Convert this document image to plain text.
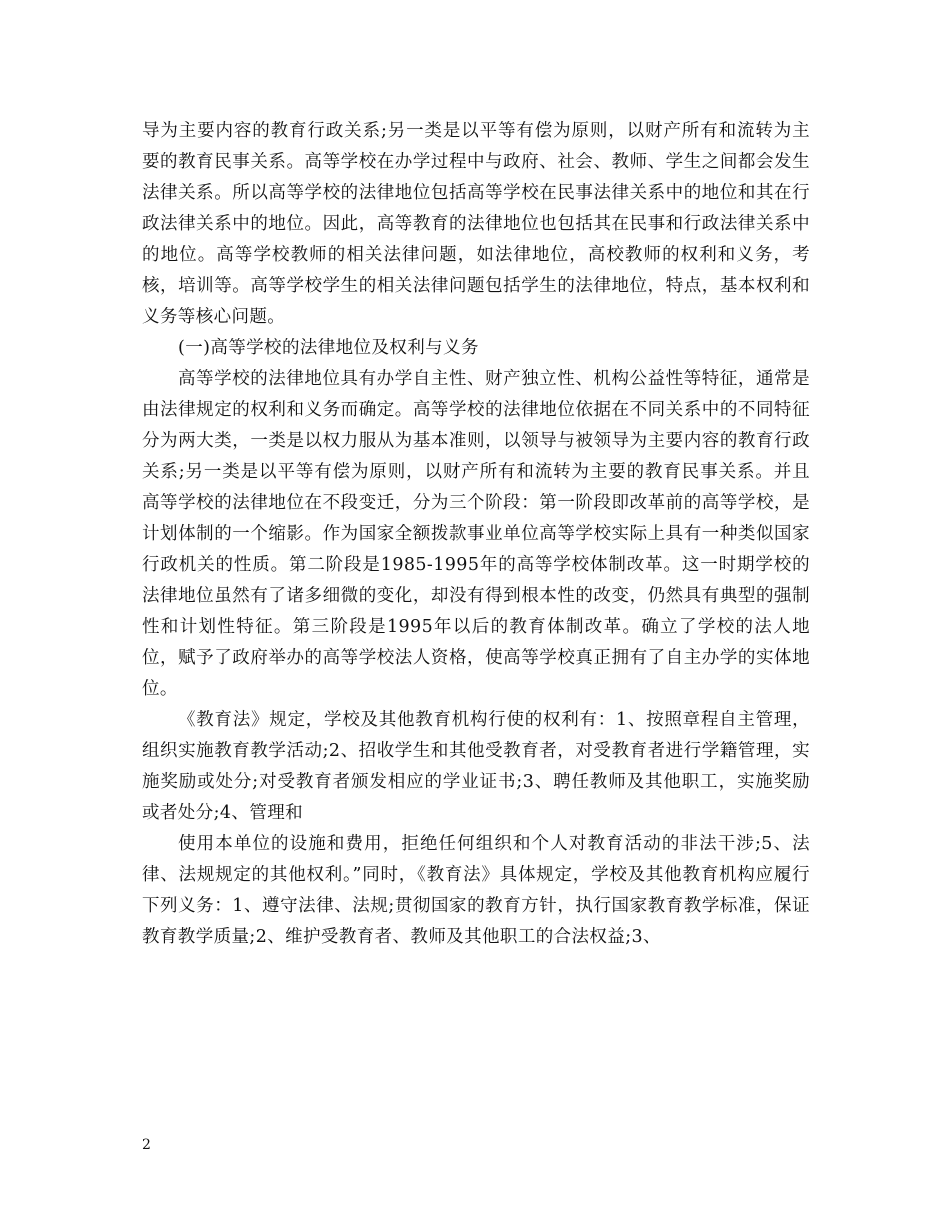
导为主要内容的教育行政关系;另一类是以平等有偿为原则，以财产所有和流转为主要的教育民事关系。高等学校在办学过程中与政府、社会、教师、学生之间都会发生法律关系。所以高等学校的法律地位包括高等学校在民事法律关系中的地位和其在行政法律关系中的地位。因此，高等教育的法律地位也包括其在民事和行政法律关系中的地位。高等学校教师的相关法律问题，如法律地位，高校教师的权利和义务，考核，培训等。高等学校学生的相关法律问题包括学生的法律地位，特点，基本权利和义务等核心问题。

(一)高等学校的法律地位及权利与义务

高等学校的法律地位具有办学自主性、财产独立性、机构公益性等特征，通常是由法律规定的权利和义务而确定。高等学校的法律地位依据在不同关系中的不同特征分为两大类，一类是以权力服从为基本准则，以领导与被领导为主要内容的教育行政关系;另一类是以平等有偿为原则，以财产所有和流转为主要的教育民事关系。并且高等学校的法律地位在不段变迁，分为三个阶段：第一阶段即改革前的高等学校，是计划体制的一个缩影。作为国家全额拨款事业单位高等学校实际上具有一种类似国家行政机关的性质。第二阶段是1985-1995年的高等学校体制改革。这一时期学校的法律地位虽然有了诸多细微的变化，却没有得到根本性的改变，仍然具有典型的强制性和计划性特征。第三阶段是1995年以后的教育体制改革。确立了学校的法人地位，赋予了政府举办的高等学校法人资格，使高等学校真正拥有了自主办学的实体地位。

《教育法》规定，学校及其他教育机构行使的权利有：1、按照章程自主管理，组织实施教育教学活动;2、招收学生和其他受教育者，对受教育者进行学籍管理，实施奖励或处分;对受教育者颁发相应的学业证书;3、聘任教师及其他职工，实施奖励或者处分;4、管理和

使用本单位的设施和费用，拒绝任何组织和个人对教育活动的非法干涉;5、法律、法规规定的其他权利。”同时，《教育法》具体规定，学校及其他教育机构应履行下列义务：1、遵守法律、法规;贯彻国家的教育方针，执行国家教育教学标准，保证教育教学质量;2、维护受教育者、教师及其他职工的合法权益;3、

2
